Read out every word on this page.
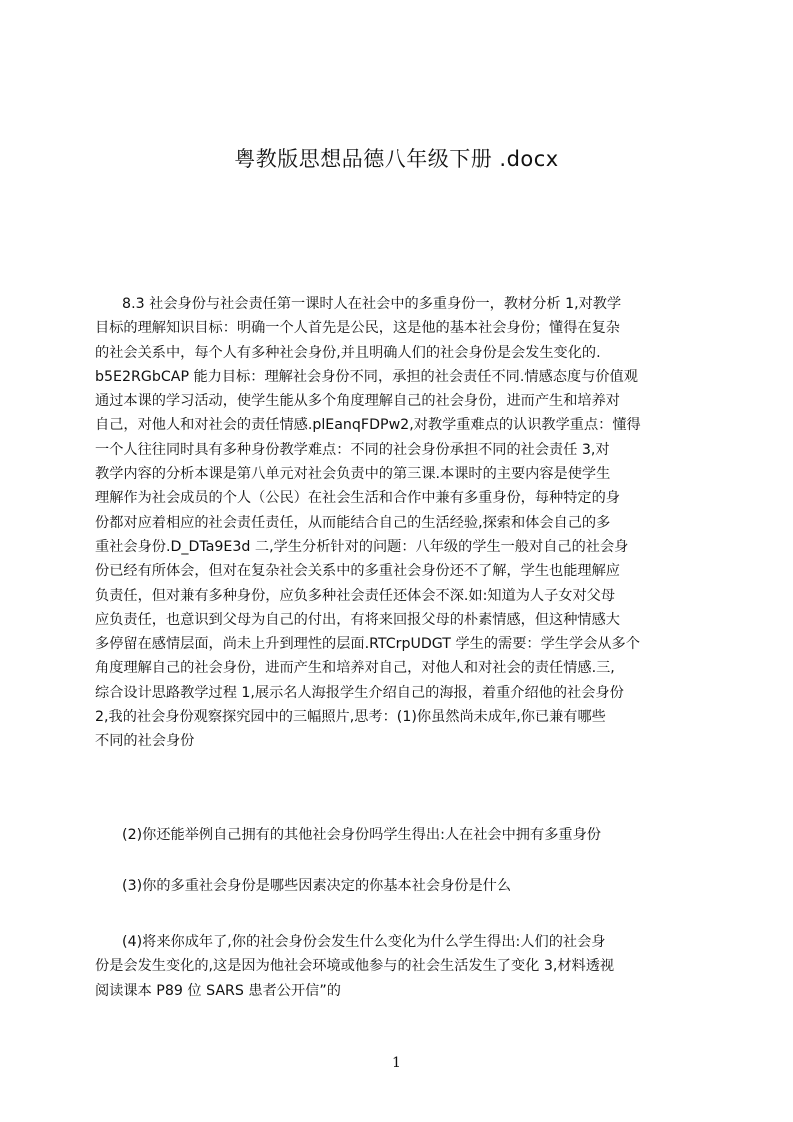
粤教版思想品德八年级下册 .docx
8.3 社会身份与社会责任第一课时人在社会中的多重身份一，教材分析 1,对教学
目标的理解知识目标：明确一个人首先是公民，这是他的基本社会身份；懂得在复杂
的社会关系中，每个人有多种社会身份,并且明确人们的社会身份是会发生变化的.
b5E2RGbCAP 能力目标：理解社会身份不同，承担的社会责任不同.情感态度与价值观
通过本课的学习活动，使学生能从多个角度理解自己的社会身份，进而产生和培养对
自己，对他人和对社会的责任情感.plEanqFDPw2,对教学重难点的认识教学重点：懂得
一个人往往同时具有多种身份教学难点：不同的社会身份承担不同的社会责任 3,对
教学内容的分析本课是第八单元对社会负责中的第三课.本课时的主要内容是使学生
理解作为社会成员的个人（公民）在社会生活和合作中兼有多重身份，每种特定的身
份都对应着相应的社会责任责任，从而能结合自己的生活经验,探索和体会自己的多
重社会身份.D_DTa9E3d 二,学生分析针对的问题：八年级的学生一般对自己的社会身
份已经有所体会，但对在复杂社会关系中的多重社会身份还不了解，学生也能理解应
负责任，但对兼有多种身份，应负多种社会责任还体会不深.如:知道为人子女对父母
应负责任，也意识到父母为自己的付出，有将来回报父母的朴素情感，但这种情感大
多停留在感情层面，尚未上升到理性的层面.RTCrpUDGT 学生的需要：学生学会从多个
角度理解自己的社会身份，进而产生和培养对自己，对他人和对社会的责任情感.三,
综合设计思路教学过程 1,展示名人海报学生介绍自己的海报，着重介绍他的社会身份
2,我的社会身份观察探究园中的三幅照片,思考：(1)你虽然尚未成年,你已兼有哪些
不同的社会身份
(2)你还能举例自己拥有的其他社会身份吗学生得出:人在社会中拥有多重身份
(3)你的多重社会身份是哪些因素决定的你基本社会身份是什么
(4)将来你成年了,你的社会身份会发生什么变化为什么学生得出:人们的社会身
份是会发生变化的,这是因为他社会环境或他参与的社会生活发生了变化 3,材料透视
阅读课本 P89 位 SARS 患者公开信”的
1
